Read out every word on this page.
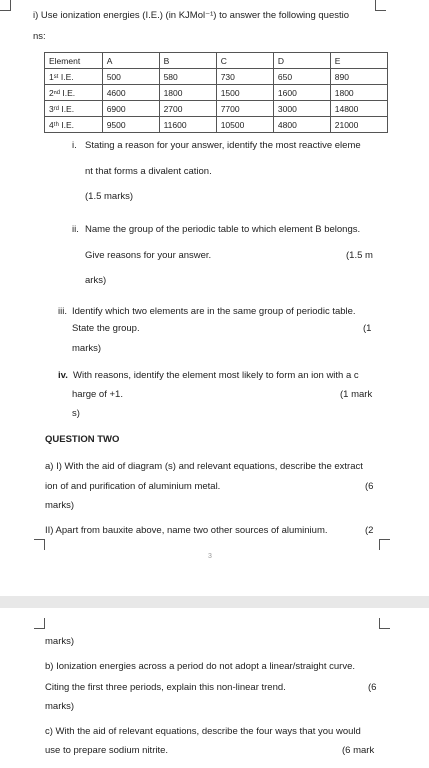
i) Use ionization energies (I.E.) (in KJMol⁻¹) to answer the following questio
ns:
Element	A	B	C	D	E
1ˢᵗ I.E.	500	580	730	650	890
2ⁿᵈ I.E.	4600	1800	1500	1600	1800
3ʳᵈ I.E.	6900	2700	7700	3000	14800
4ᵗʰ I.E.	9500	11600	10500	4800	21000
i. Stating a reason for your answer, identify the most reactive eleme
nt that forms a divalent cation.
(1.5 marks)
ii. Name the group of the periodic table to which element B belongs.
Give reasons for your answer.	(1.5 m
arks)
iii. Identify which two elements are in the same group of periodic table.
State the group.	(1
marks)
iv. With reasons, identify the element most likely to form an ion with a c
harge of +1.	(1 mark
s)
QUESTION TWO
a) I) With the aid of diagram (s) and relevant equations, describe the extract
ion of and purification of aluminium metal.	(6
marks)
II) Apart from bauxite above, name two other sources of aluminium.	(2
3
marks)
b) Ionization energies across a period do not adopt a linear/straight curve.
Citing the first three periods, explain this non-linear trend.	(6
marks)
c) With the aid of relevant equations, describe the four ways that you would
use to prepare sodium nitrite.	(6 mark
